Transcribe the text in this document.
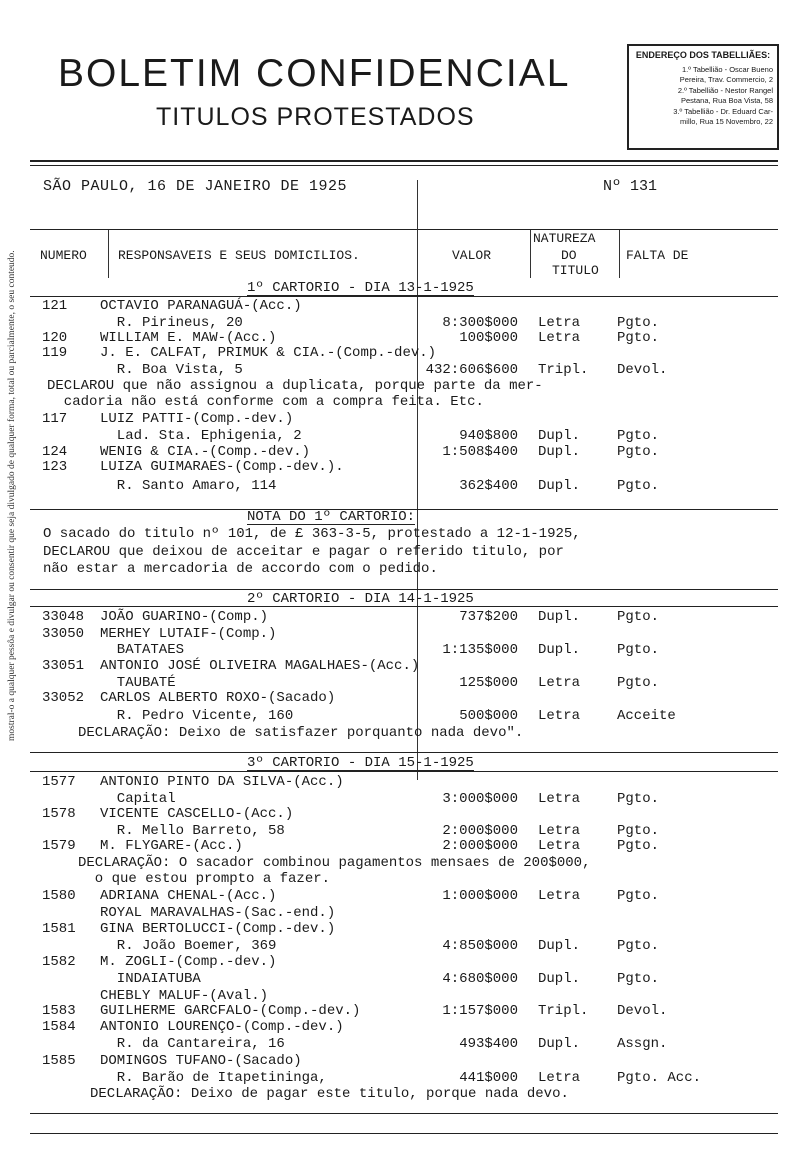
BOLETIM CONFIDENCIAL
TITULOS PROTESTADOS
ENDEREÇO DOS TABELLIÃES:
1.º Tabellião - Oscar Bueno
Pereira, Trav. Commercio, 2
2.º Tabellião - Nestor Rangel
Pestana, Rua Boa Vista, 58
3.º Tabellião - Dr. Eduard Car-
millo, Rua 15 Novembro, 22
SÃO PAULO, 16 DE JANEIRO DE 1925	Nº 131
NUMERO RESPONSAVEIS E SEUS DOMICILIOS.	VALOR
NATUREZA
DO
TITULO
FALTA DE
1º CARTORIO - DIA 13-1-1925
121 OCTAVIO PARANAGUÁ-(Acc.)
R. Pirineus, 20	8:300$000 Letra	Pgto.
120 WILLIAM E. MAW-(Acc.)	100$000 Letra	Pgto.
119 J. E. CALFAT, PRIMUK & CIA.-(Comp.-dev.)
R. Boa Vista, 5	432:606$600 Tripl. Devol.
DECLAROU que não assignou a duplicata, porque parte da mer-
cadoria não está conforme com a compra feita. Etc.
117 LUIZ PATTI-(Comp.-dev.)
Lad. Sta. Ephigenia, 2	940$800 Dupl.	Pgto.
124 WENIG & CIA.-(Comp.-dev.)	1:508$400 Dupl.	Pgto.
123 LUIZA GUIMARAES-(Comp.-dev.).
R. Santo Amaro, 114	362$400 Dupl.	Pgto.
NOTA DO 1º CARTORIO:
O sacado do titulo nº 101, de £ 363-3-5, protestado a 12-1-1925,
DECLAROU que deixou de acceitar e pagar o referido titulo, por
não estar a mercadoria de accordo com o pedido.
2º CARTORIO - DIA 14-1-1925
33048 JOÃO GUARINO-(Comp.)	737$200 Dupl.	Pgto.
33050 MERHEY LUTAIF-(Comp.)
BATATAES	1:135$000 Dupl.	Pgto.
33051 ANTONIO JOSÉ OLIVEIRA MAGALHAES-(Acc.)
TAUBATÉ	125$000 Letra	Pgto.
33052 CARLOS ALBERTO ROXO-(Sacado)
R. Pedro Vicente, 160	500$000 Letra	Acceite
DECLARAÇÃO: Deixo de satisfazer porquanto nada devo".
3º CARTORIO - DIA 15-1-1925
1577 ANTONIO PINTO DA SILVA-(Acc.)
Capital	3:000$000 Letra	Pgto.
1578 VICENTE CASCELLO-(Acc.)
R. Mello Barreto, 58	2:000$000 Letra	Pgto.
1579 M. FLYGARE-(Acc.)	2:000$000 Letra	Pgto.
DECLARAÇÃO: O sacador combinou pagamentos mensaes de 200$000,
o que estou prompto a fazer.
1580 ADRIANA CHENAL-(Acc.)	1:000$000 Letra	Pgto.
ROYAL MARAVALHAS-(Sac.-end.)
1581 GINA BERTOLUCCI-(Comp.-dev.)
R. João Boemer, 369	4:850$000 Dupl.	Pgto.
1582 M. ZOGLI-(Comp.-dev.)
INDAIATUBA	4:680$000 Dupl.	Pgto.
CHEBLY MALUF-(Aval.)
1583 GUILHERME GARCFALO-(Comp.-dev.)	1:157$000 Tripl. Devol.
1584 ANTONIO LOURENÇO-(Comp.-dev.)
R. da Cantareira, 16	493$400 Dupl.	Assgn.
1585 DOMINGOS TUFANO-(Sacado)
R. Barão de Itapetininga,	441$000 Letra	Pgto. Acc.
DECLARAÇÃO: Deixo de pagar este titulo, porque nada devo.
mostral-o a qualquer pessôa e divulgar ou consentir que seja divulgado de qualquer forma, total ou parcialmente, o seu conteudo.
